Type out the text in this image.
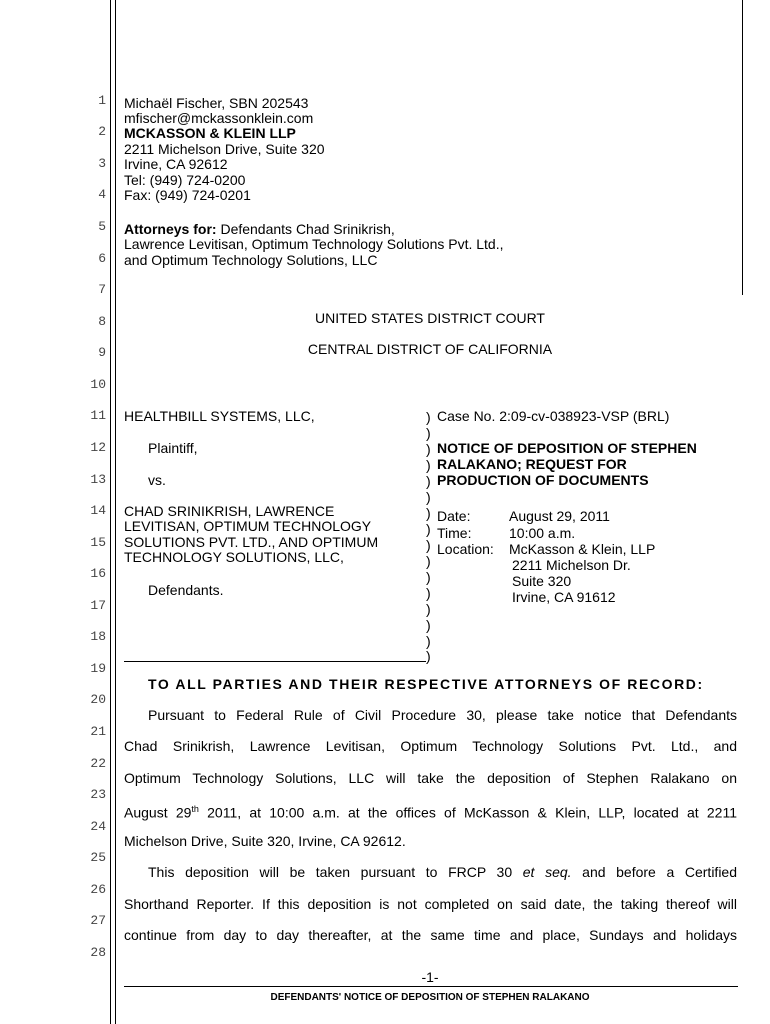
1
2
3
4
5
6
7
8
9
10
11
12
13
14
15
16
17
18
19
20
21
22
23
24
25
26
27
28
Michaël Fischer, SBN 202543
mfischer@mckassonklein.com
MCKASSON & KLEIN LLP
2211 Michelson Drive, Suite 320
Irvine, CA 92612
Tel: (949) 724-0200
Fax: (949) 724-0201
Attorneys for: Defendants Chad Srinikrish,
Lawrence Levitisan, Optimum Technology Solutions Pvt. Ltd.,
and Optimum Technology Solutions, LLC
UNITED STATES DISTRICT COURT
CENTRAL DISTRICT OF CALIFORNIA
HEALTHBILL SYSTEMS, LLC,
Plaintiff,
vs.
CHAD SRINIKRISH, LAWRENCE
LEVITISAN, OPTIMUM TECHNOLOGY
SOLUTIONS PVT. LTD., AND OPTIMUM
TECHNOLOGY SOLUTIONS, LLC,
Defendants.
)
)
)
)
)
)
)
)
)
)
)
)
)
)
)
)
Case No. 2:09-cv-038923-VSP (BRL)
NOTICE OF DEPOSITION OF STEPHEN
RALAKANO; REQUEST FOR
PRODUCTION OF DOCUMENTS
Date:	August 29, 2011
Time:	10:00 a.m.
Location: McKasson & Klein, LLP
2211 Michelson Dr.
Suite 320
Irvine, CA 91612
TO ALL PARTIES AND THEIR RESPECTIVE ATTORNEYS OF RECORD:
Pursuant to Federal Rule of Civil Procedure 30, please take notice that Defendants
Chad Srinikrish, Lawrence Levitisan, Optimum Technology Solutions Pvt. Ltd., and
Optimum Technology Solutions, LLC will take the deposition of Stephen Ralakano on
August 29th 2011, at 10:00 a.m. at the offices of McKasson & Klein, LLP, located at 2211
Michelson Drive, Suite 320, Irvine, CA 92612.
This deposition will be taken pursuant to FRCP 30 et seq. and before a Certified
Shorthand Reporter. If this deposition is not completed on said date, the taking thereof will
continue from day to day thereafter, at the same time and place, Sundays and holidays
-1-
DEFENDANTS' NOTICE OF DEPOSITION OF STEPHEN RALAKANO
